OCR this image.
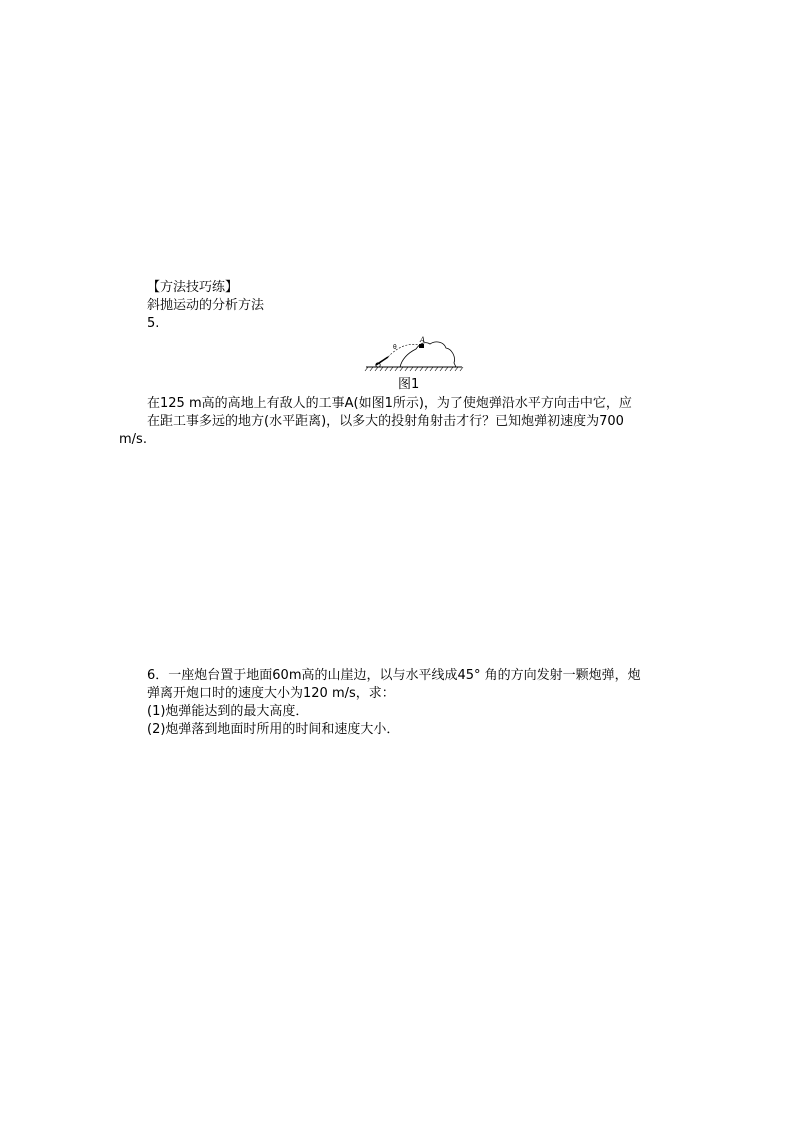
【方法技巧练】
斜抛运动的分析方法
5.
A
θ
图1
在125 m高的高地上有敌人的工事A(如图1所示)，为了使炮弹沿水平方向击中它，应
在距工事多远的地方(水平距离)，以多大的投射角射击才行？已知炮弹初速度为700
m/s.
6．一座炮台置于地面60m高的山崖边，以与水平线成45° 角的方向发射一颗炮弹，炮
弹离开炮口时的速度大小为120 m/s，求：
(1)炮弹能达到的最大高度．
(2)炮弹落到地面时所用的时间和速度大小．
